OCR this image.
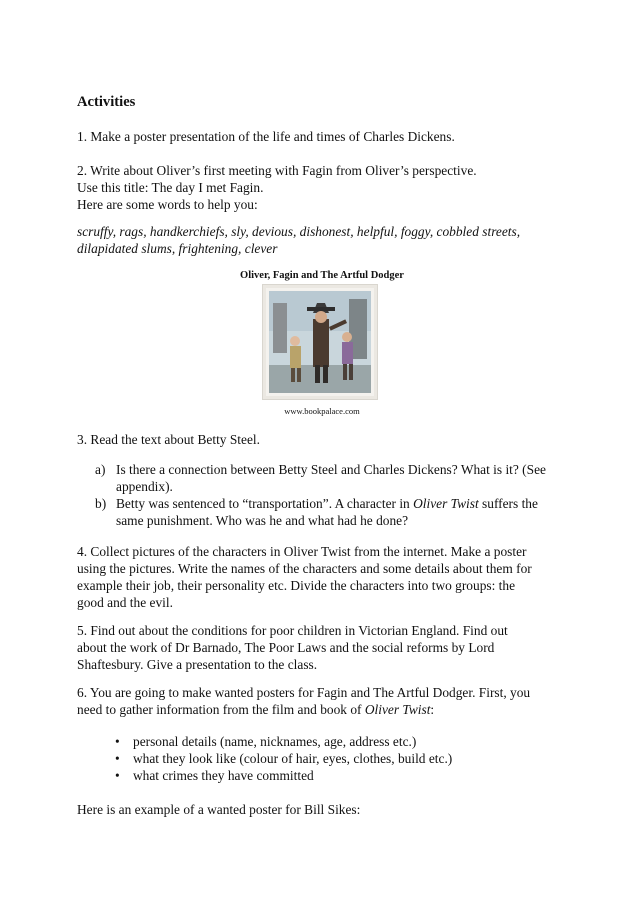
Activities

1. Make a poster presentation of the life and times of Charles Dickens.

2. Write about Oliver’s first meeting with Fagin from Oliver’s perspective.

Use this title: The day I met Fagin.

Here are some words to help you:

scruffy, rags, handkerchiefs, sly, devious, dishonest, helpful, foggy, cobbled streets,

dilapidated slums, frightening, clever

Oliver, Fagin and The Artful Dodger
www.bookpalace.com

3. Read the text about Betty Steel.

a) Is there a connection between Betty Steel and Charles Dickens? What is it? (See
appendix).
b) Betty was sentenced to “transportation”. A character in Oliver Twist suffers the
same punishment. Who was he and what had he done?

4. Collect pictures of the characters in Oliver Twist from the internet. Make a poster

using the pictures. Write the names of the characters and some details about them for

example their job, their personality etc. Divide the characters into two groups: the

good and the evil.

5. Find out about the conditions for poor children in Victorian England. Find out

about the work of Dr Barnado, The Poor Laws and the social reforms by Lord

Shaftesbury. Give a presentation to the class.

6. You are going to make wanted posters for Fagin and The Artful Dodger. First, you

need to gather information from the film and book of Oliver Twist:

• personal details (name, nicknames, age, address etc.)
• what they look like (colour of hair, eyes, clothes, build etc.)
• what crimes they have committed

Here is an example of a wanted poster for Bill Sikes:
